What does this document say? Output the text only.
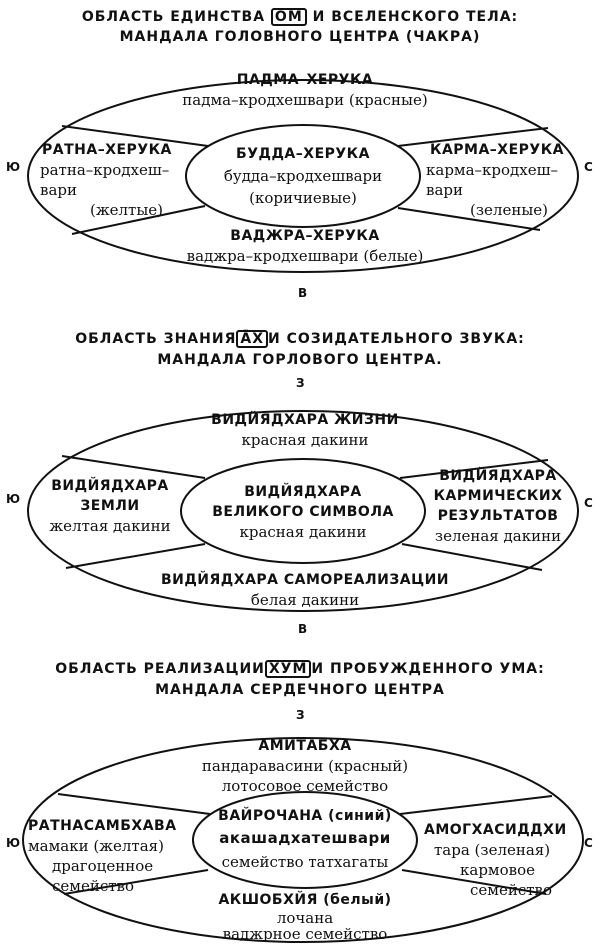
ОБЛАСТЬ ЕДИНСТВА ОМ И ВСЕЛЕНСКОГО ТЕЛА:
МАНДАЛА ГОЛОВНОГО ЦЕНТРА (ЧАКРА)
ПАДМА–ХЕРУКА
падма–кродхешвари (красные)
РАТНА–ХЕРУКА
ратна–кродхеш–
вари
(желтые)
БУДДА–ХЕРУКА
будда–кродхешвари
(коричиевые)
КАРМА–ХЕРУКА
карма–кродхеш–
вари
(зеленые)
ВАДЖРА–ХЕРУКА
ваджра–кродхешвари (белые)
Ю	С
В
ОБЛАСТЬ ЗНАНИЯ А̄Х И СОЗИДАТЕЛЬНОГО ЗВУКА:
МАНДАЛА ГОРЛОВОГО ЦЕНТРА.
З
ВИДЙЯДХАРА ЖИЗНИ
красная дакини
ВИДЙЯДХАРА
ЗЕМЛИ
желтая дакини
ВИДЙЯДХАРА
ВЕЛИКОГО СИМВОЛА
красная дакини
ВИДЙЯДХАРА
КАРМИЧЕСКИХ
РЕЗУЛЬТАТОВ
зеленая дакини
ВИДЙЯДХАРА САМОРЕАЛИЗАЦИИ
белая дакини
Ю	С
В
ОБЛАСТЬ РЕАЛИЗАЦИИ ХӮМ И ПРОБУЖДЕННОГО УМА:
МАНДАЛА СЕРДЕЧНОГО ЦЕНТРА
З
АМИТАБХА
пандаравасини (красный)
лотосовое семейство
РАТНАСАМБХАВА
мамаки (желтая)
драгоценное
семейство
ВАЙРОЧАНА (синий)
акашадхатешвари
семейство татхагаты
АМОГХАСИДДХИ
тара (зеленая)
кармовое
семейство
АКШОБХЙЯ (белый)
лочана
ваджрное семейство
Ю	С
